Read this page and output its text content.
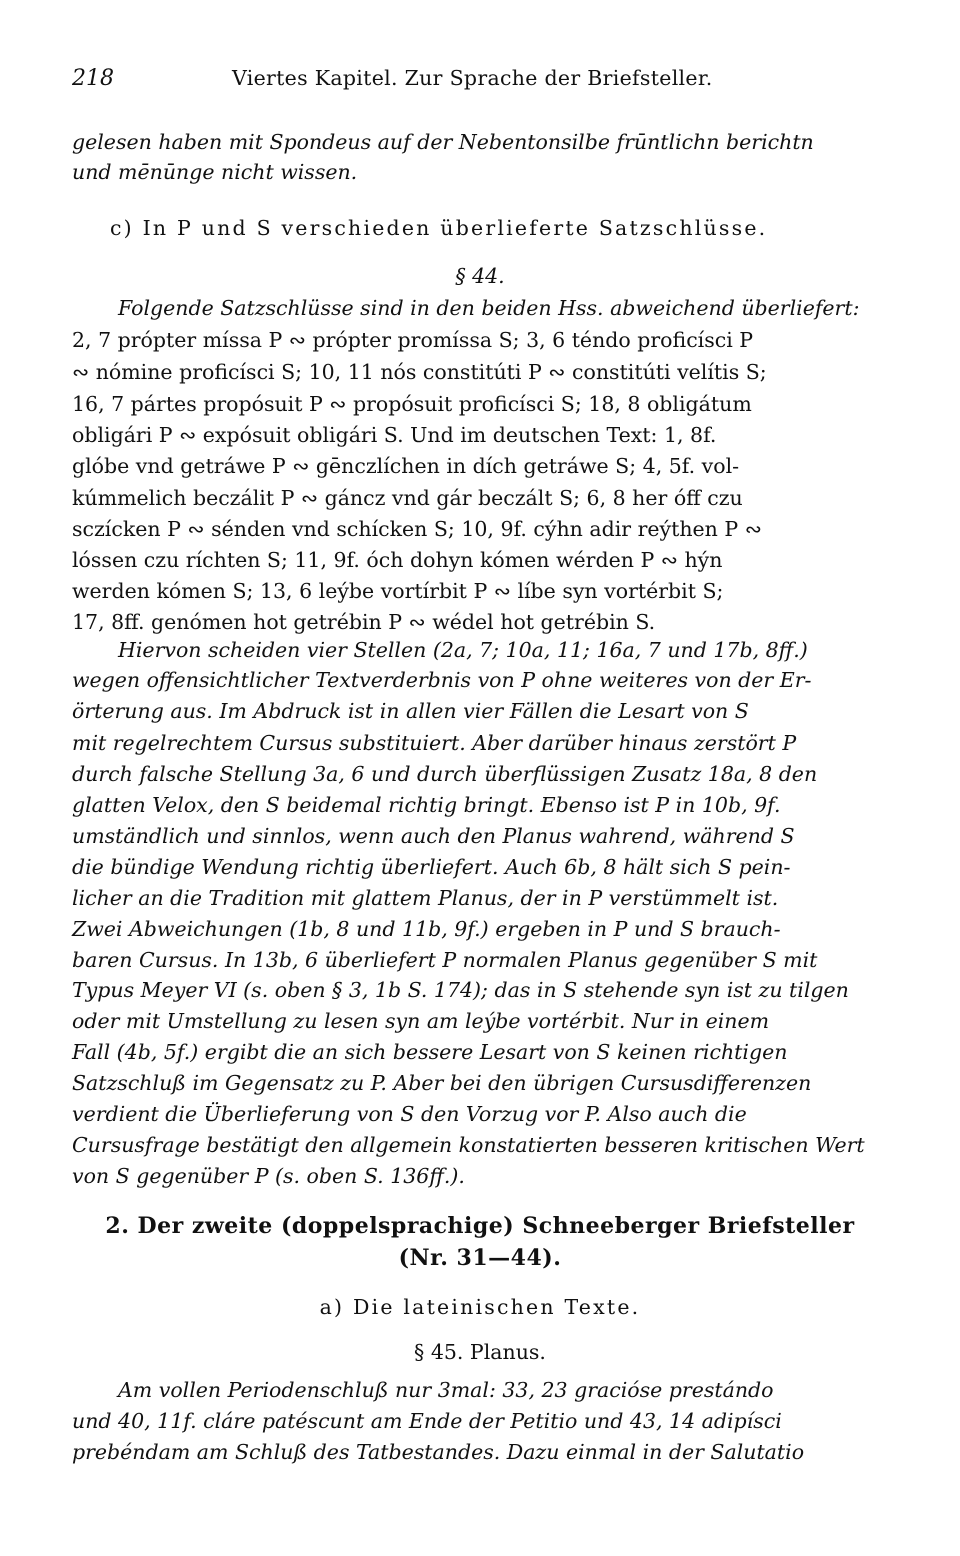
218	Viertes Kapitel. Zur Sprache der Briefsteller.
gelesen haben mit Spondeus auf der Nebentonsilbe frūntlichn berichtn
und mēnūnge nicht wissen.
c) In P und S verschieden überlieferte Satzschlüsse.
§ 44.
Folgende Satzschlüsse sind in den beiden Hss. abweichend überliefert:
2, 7 própter míssa P ∾ própter promíssa S; 3, 6 téndo proficísci P
∾ nómine proficísci S; 10, 11 nós constitúti P ∾ constitúti velítis S;
16, 7 pártes propósuit P ∾ propósuit proficísci S; 18, 8 obligátum
obligári P ∾ expósuit obligári S. Und im deutschen Text: 1, 8f.
glóbe vnd getráwe P ∾ gēnczlíchen in dích getráwe S; 4, 5f. vol-
kúmmelich beczálit P ∾ gáncz vnd gár beczált S; 6, 8 her óff czu
sczícken P ∾ sénden vnd schícken S; 10, 9f. cýhn adir reýthen P ∾
lóssen czu ríchten S; 11, 9f. óch dohyn kómen wérden P ∾ hýn
werden kómen S; 13, 6 leýbe vortírbit P ∾ líbe syn vortérbit S;
17, 8ff. genómen hot getrébin P ∾ wédel hot getrébin S.
Hiervon scheiden vier Stellen (2a, 7; 10a, 11; 16a, 7 und 17b, 8ff.)
wegen offensichtlicher Textverderbnis von P ohne weiteres von der Er-
örterung aus. Im Abdruck ist in allen vier Fällen die Lesart von S
mit regelrechtem Cursus substituiert. Aber darüber hinaus zerstört P
durch falsche Stellung 3a, 6 und durch überflüssigen Zusatz 18a, 8 den
glatten Velox, den S beidemal richtig bringt. Ebenso ist P in 10b, 9f.
umständlich und sinnlos, wenn auch den Planus wahrend, während S
die bündige Wendung richtig überliefert. Auch 6b, 8 hält sich S pein-
licher an die Tradition mit glattem Planus, der in P verstümmelt ist.
Zwei Abweichungen (1b, 8 und 11b, 9f.) ergeben in P und S brauch-
baren Cursus. In 13b, 6 überliefert P normalen Planus gegenüber S mit
Typus Meyer VI (s. oben § 3, 1b S. 174); das in S stehende syn ist zu tilgen
oder mit Umstellung zu lesen syn am leýbe vortérbit. Nur in einem
Fall (4b, 5f.) ergibt die an sich bessere Lesart von S keinen richtigen
Satzschluß im Gegensatz zu P. Aber bei den übrigen Cursusdifferenzen
verdient die Überlieferung von S den Vorzug vor P. Also auch die
Cursusfrage bestätigt den allgemein konstatierten besseren kritischen Wert
von S gegenüber P (s. oben S. 136ff.).
2. Der zweite (doppelsprachige) Schneeberger Briefsteller
(Nr. 31—44).
a) Die lateinischen Texte.
§ 45. Planus.
Am vollen Periodenschluß nur 3mal: 33, 23 gracióse prestándo
und 40, 11f. cláre patéscunt am Ende der Petitio und 43, 14 adipísci
prebéndam am Schluß des Tatbestandes. Dazu einmal in der Salutatio
